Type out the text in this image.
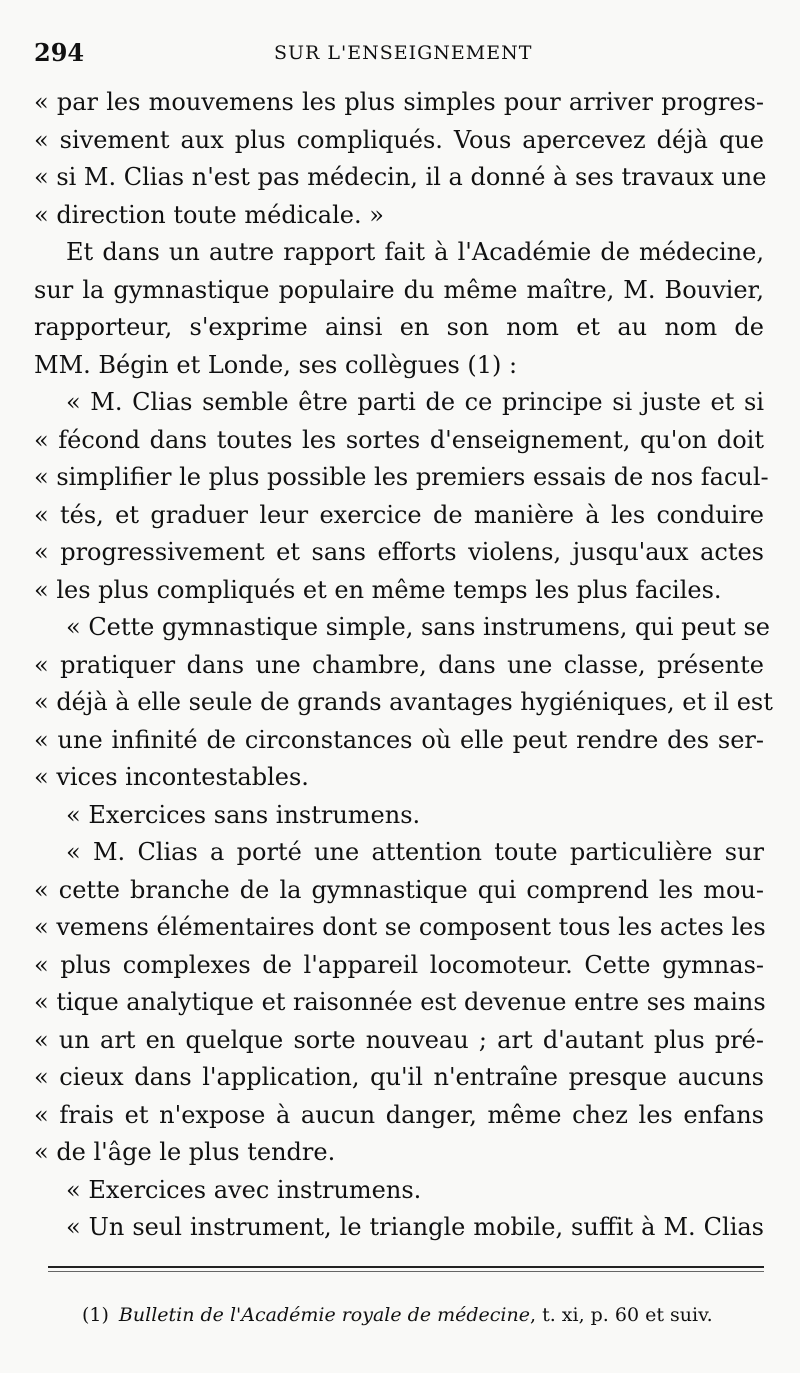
294	SUR L'ENSEIGNEMENT
« par les mouvemens les plus simples pour arriver progres-
« sivement aux plus compliqués. Vous apercevez déjà que
« si M. Clias n'est pas médecin, il a donné à ses travaux une
« direction toute médicale. »
Et dans un autre rapport fait à l'Académie de médecine,
sur la gymnastique populaire du même maître, M. Bouvier,
rapporteur, s'exprime ainsi en son nom et au nom de
MM. Bégin et Londe, ses collègues (1) :
« M. Clias semble être parti de ce principe si juste et si
« fécond dans toutes les sortes d'enseignement, qu'on doit
« simplifier le plus possible les premiers essais de nos facul-
« tés, et graduer leur exercice de manière à les conduire
« progressivement et sans efforts violens, jusqu'aux actes
« les plus compliqués et en même temps les plus faciles.
« Cette gymnastique simple, sans instrumens, qui peut se
« pratiquer dans une chambre, dans une classe, présente
« déjà à elle seule de grands avantages hygiéniques, et il est
« une infinité de circonstances où elle peut rendre des ser-
« vices incontestables.
« Exercices sans instrumens.
« M. Clias a porté une attention toute particulière sur
« cette branche de la gymnastique qui comprend les mou-
« vemens élémentaires dont se composent tous les actes les
« plus complexes de l'appareil locomoteur. Cette gymnas-
« tique analytique et raisonnée est devenue entre ses mains
« un art en quelque sorte nouveau ; art d'autant plus pré-
« cieux dans l'application, qu'il n'entraîne presque aucuns
« frais et n'expose à aucun danger, même chez les enfans
« de l'âge le plus tendre.
« Exercices avec instrumens.
« Un seul instrument, le triangle mobile, suffit à M. Clias
(1) Bulletin de l'Académie royale de médecine, t. xi, p. 60 et suiv.
